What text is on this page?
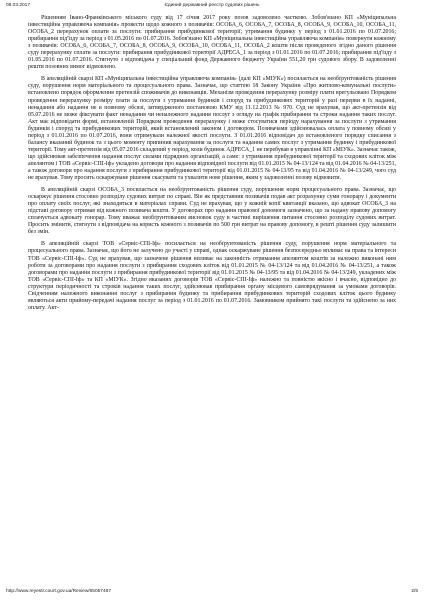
08.03.2017	Єдиний державний реєстр судових рішень

Рішенням Івано-Франківського міського суду від 17 січня 2017 року позов задоволено частково. Зобов'язано КП «Муніципальна інвестиційна управляюча компанія» провести щодо кожного з позивачів: ОСОБА_6, ОСОБА_7, ОСОБА_8, ОСОБА_9, ОСОБА_10, ОСОБА_11, ОСОБА_2 перерахунок оплати за послуги: прибирання прибудинкової території; утримання будинку у період з 01.01.2016 по 01.07.2016; прибирання під'їзду за період з 01.05.2016 по 01.07.2016. Зобов'язано КП «Муніципальна інвестиційна управляюча компанія» повернути кожному з позивачів: ОСОБА_6, ОСОБА_7, ОСОБА_8, ОСОБА_9, ОСОБА_10, ОСОБА_11, ОСОБА_2 кошти після проведеного згідно даного рішення суду перерахунку сплати за послуги: прибирання прибудинкової території АДРЕСА_1 за період з 01.01.2016 по 01.07.2016; прибирання під'їзду з 01.05.2016 по 01.07.2016. Стягнуто з відповідача у спеціальний фонд Державного бюджету України 551,20 грн судового збору. В задоволенні решти позовних вимог відмовлено.

В апеляційній скарзі КП «Муніципальна інвестиційна управляюча компанія» (далі КП «МІУК») посилається на необґрунтованість рішення суду, порушення норм матеріального та процесуального права. Зазначає, що статтею 18 Закону України «Про житлово-комунальні послуги» встановлено порядок оформлення претензій споживачів до виконавців. Механізм проведення перерахунку розміру плати врегульовано Порядком проведення перерахунку розміру плати за послуги з утримання будинків і споруд та прибудинкових територій у разі перерви в їх наданні, ненадання або надання не в повному обсязі, затвердженого постановою КМУ від 11.12.2013 № 970. Суд не врахував, що акт-претензія від 05.07.2016 не може фіксувати факт ненадання чи неналежного надання послуг з огляду на графік прибирання та строки надання таких послуг. Акт має відповідати формі, встановленій Порядком проведення перерахунку і може стосуватися періоду нарахування за послуги з утримання будинків і споруд та прибудинкових територій, який встановлений законом і договором. Позивачами здійснювалась оплата у повному обсязі у період з 01.01.2016 по 01.07.2016, вони отримували належної якості послуги. З 01.01.2016 відповідач до встановленого порядку списання з балансу вказаний будинок та з цього моменту припинив нарахування за послуги та надання самих послуг з утримання будинку і прибудинкової території. Тому акт-претензія від 05.07.2016 складений у період, коли будинок АДРЕСА_1 не перебував в управлінні КП «МІУК». Зазначає також, що здійснював забезпечення надання послуг силами підрядних організацій, а саме: з утримання прибудинкової території та сходових кліток між апелянтом і ТОВ «Сервіс-СПІ-Іф» укладено договори про надання відповідної послуги від 01.01.2015 № 04-13/124 та від 01.04.2016 № 04-13/251, а також договори про надання послуги з прибирання прибудинкової території від 01.01.2015 № 04-13/95 та від 01.04.2016 № 04-13/249, чого суд не врахував. Тому просить оскаржуване рішення скасувати та ухвалити нове рішення, яким у задоволенні позову відмовити.

В апеляційній скарзі ОСОБА_3 посилається на необґрунтованість рішення суду, порушення норм процесуального права. Зазначає, що оскаржує рішення стосовно розподілу судових витрат по справі. Він як представник позивачів подав акт розрахунку суми гонорару і документи про оплату своїх послуг, які знаходяться в матеріалах справи. Суд не врахував, що у кожній копії квитанції вказано, що адвокат ОСОБА_3 на підставі договору отримав від кожного позивача кошти. У договорах про надання правової допомоги зазначено, що за надану правову допомогу сплачується адвокату гонорар. Тому вважає необґрунтованим висновок суду в частині вирішення питання стосовно розподілу судових витрат. Просить змінити, стягнути з відповідача на користь кожного з позивачів по 500 грн витрат на правову допомогу, в решті рішення суду залишити без змін.

В апеляційній скарзі ТОВ «Сервіс-СПІ-Іф» посилається на необґрунтованість рішення суду, порушення норм матеріального та процесуального права. Зазначає, що його не залучено до участі у справі, однак оскаржуване рішення безпосередньо впливає на права та інтереси ТОВ «Сервіс-СПІ-Іф». Суд не врахував, що зазначене рішення впливає на законність отримання апелянтом коштів за належно виконані ним роботи за договорами про надання послуги з прибирання сходових кліток від 01.01.2015 № 04-13/124 та від 01.04.2016 № 04-13/251, а також договорами про надання послуги з прибирання прибудинкової території від 01.01.2015 № 04-13/95 та від 01.04.2016 № 04-13/249, укладених між ТОВ «Сервіс-СПІ-Іф» та КП «МІУК». Згідно вказаних договорів ТОВ «Сервіс-СПІ-Іф» належно та повністю якісно і вчасно, відповідно до структури періодичності та строків надання таких послуг, здійснював прибирання органу місцевого самоврядування за умовами договорів. Свідченням належного виконання послуг з прибирання будинку та прибирання прибудинкових територій сходових кліток цього будинку являються акти прийому-передачі надання послуг за період з 01.01.2016 по 01.07.2016. Замовником прийнято такі послуги та здійснено за них оплату. Акт-

http://www.reyestr.court.gov.ua/Review/65057467	2/5
